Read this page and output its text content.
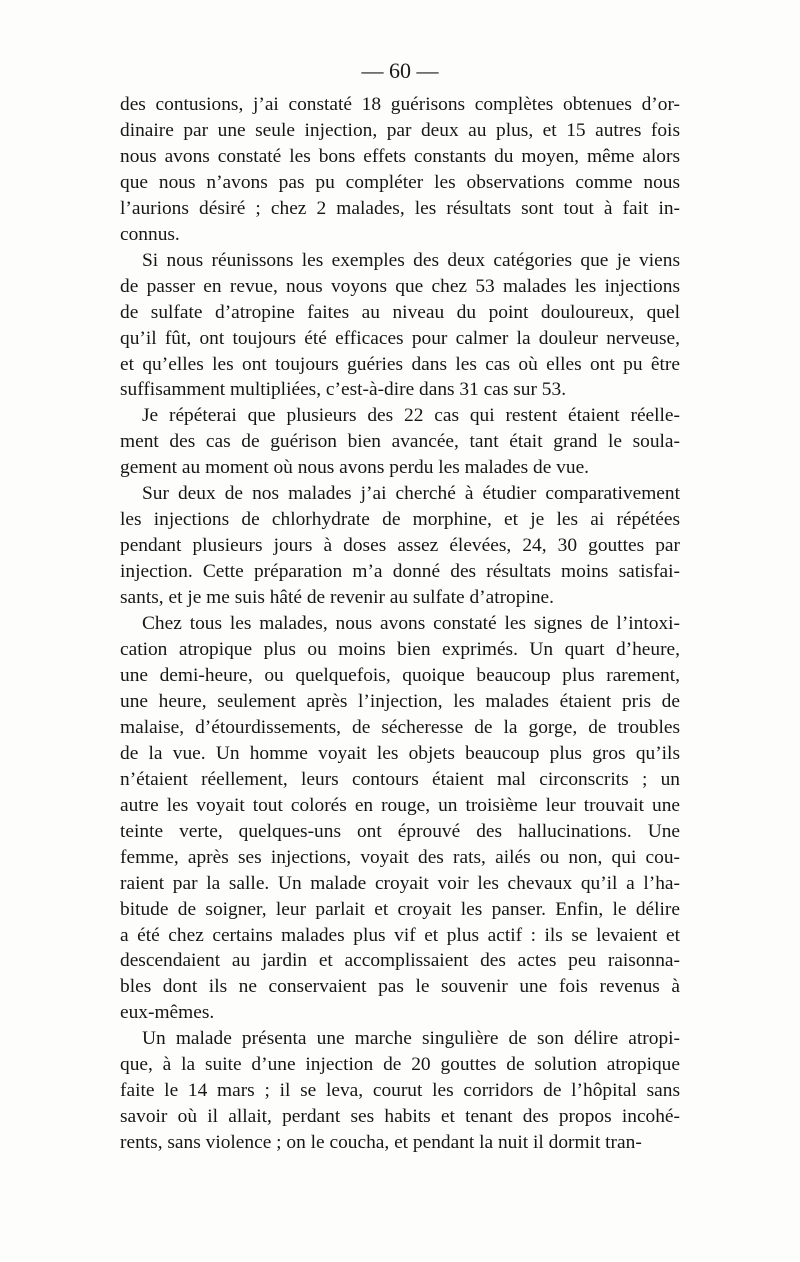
— 60 —
des contusions, j’ai constaté 18 guérisons complètes obtenues d’or-
dinaire par une seule injection, par deux au plus, et 15 autres fois
nous avons constaté les bons effets constants du moyen, même alors
que nous n’avons pas pu compléter les observations comme nous
l’aurions désiré ; chez 2 malades, les résultats sont tout à fait in-
connus.
Si nous réunissons les exemples des deux catégories que je viens
de passer en revue, nous voyons que chez 53 malades les injections
de sulfate d’atropine faites au niveau du point douloureux, quel
qu’il fût, ont toujours été efficaces pour calmer la douleur nerveuse,
et qu’elles les ont toujours guéries dans les cas où elles ont pu être
suffisamment multipliées, c’est-à-dire dans 31 cas sur 53.
Je répéterai que plusieurs des 22 cas qui restent étaient réelle-
ment des cas de guérison bien avancée, tant était grand le soula-
gement au moment où nous avons perdu les malades de vue.
Sur deux de nos malades j’ai cherché à étudier comparativement
les injections de chlorhydrate de morphine, et je les ai répétées
pendant plusieurs jours à doses assez élevées, 24, 30 gouttes par
injection. Cette préparation m’a donné des résultats moins satisfai-
sants, et je me suis hâté de revenir au sulfate d’atropine.
Chez tous les malades, nous avons constaté les signes de l’intoxi-
cation atropique plus ou moins bien exprimés. Un quart d’heure,
une demi-heure, ou quelquefois, quoique beaucoup plus rarement,
une heure, seulement après l’injection, les malades étaient pris de
malaise, d’étourdissements, de sécheresse de la gorge, de troubles
de la vue. Un homme voyait les objets beaucoup plus gros qu’ils
n’étaient réellement, leurs contours étaient mal circonscrits ; un
autre les voyait tout colorés en rouge, un troisième leur trouvait une
teinte verte, quelques-uns ont éprouvé des hallucinations. Une
femme, après ses injections, voyait des rats, ailés ou non, qui cou-
raient par la salle. Un malade croyait voir les chevaux qu’il a l’ha-
bitude de soigner, leur parlait et croyait les panser. Enfin, le délire
a été chez certains malades plus vif et plus actif : ils se levaient et
descendaient au jardin et accomplissaient des actes peu raisonna-
bles dont ils ne conservaient pas le souvenir une fois revenus à
eux-mêmes.
Un malade présenta une marche singulière de son délire atropi-
que, à la suite d’une injection de 20 gouttes de solution atropique
faite le 14 mars ; il se leva, courut les corridors de l’hôpital sans
savoir où il allait, perdant ses habits et tenant des propos incohé-
rents, sans violence ; on le coucha, et pendant la nuit il dormit tran-
